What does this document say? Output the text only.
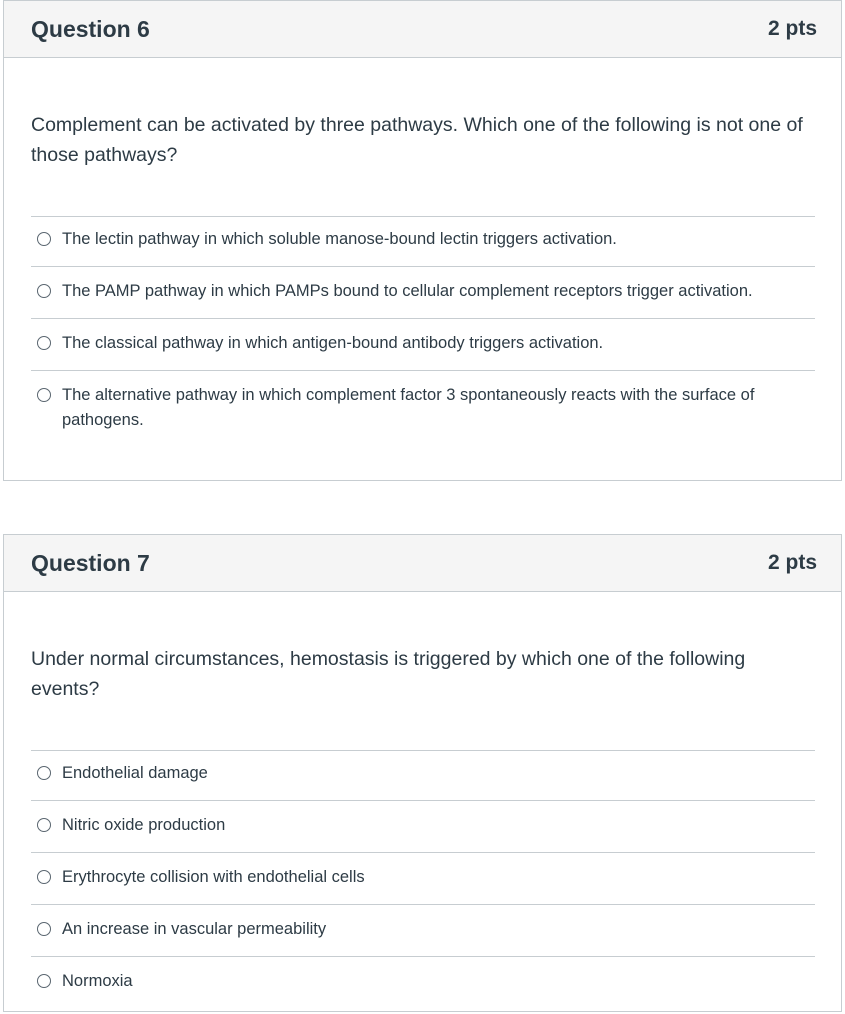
Question 6	2 pts
Complement can be activated by three pathways. Which one of the following is not one of those pathways?
The lectin pathway in which soluble manose-bound lectin triggers activation.
The PAMP pathway in which PAMPs bound to cellular complement receptors trigger activation.
The classical pathway in which antigen-bound antibody triggers activation.
The alternative pathway in which complement factor 3 spontaneously reacts with the surface of pathogens.
Question 7	2 pts
Under normal circumstances, hemostasis is triggered by which one of the following events?
Endothelial damage
Nitric oxide production
Erythrocyte collision with endothelial cells
An increase in vascular permeability
Normoxia
